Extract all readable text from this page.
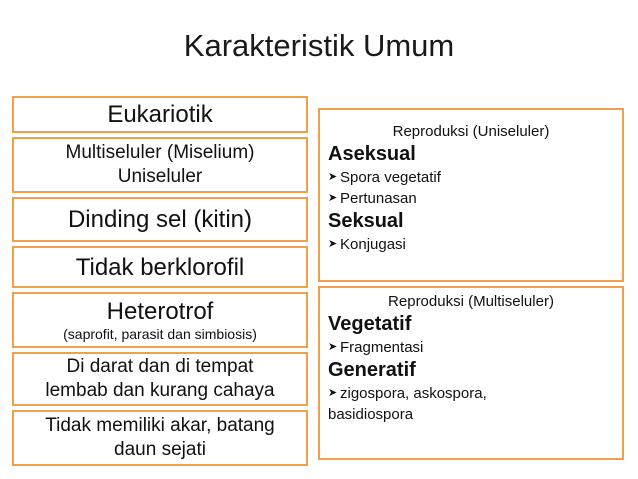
Karakteristik Umum
Eukariotik
Multiseluler (Miselium)
Uniseluler
Dinding sel (kitin)
Tidak berklorofil
Heterotrof
(saprofit, parasit dan simbiosis)
Di darat dan di tempat
lembab dan kurang cahaya
Tidak memiliki akar, batang
daun sejati
Reproduksi (Uniseluler)
Aseksual
➤ Spora vegetatif
➤ Pertunasan
Seksual
➤ Konjugasi
Reproduksi (Multiseluler)
Vegetatif
➤ Fragmentasi
Generatif
➤ zigospora, askospora,
basidiospora
